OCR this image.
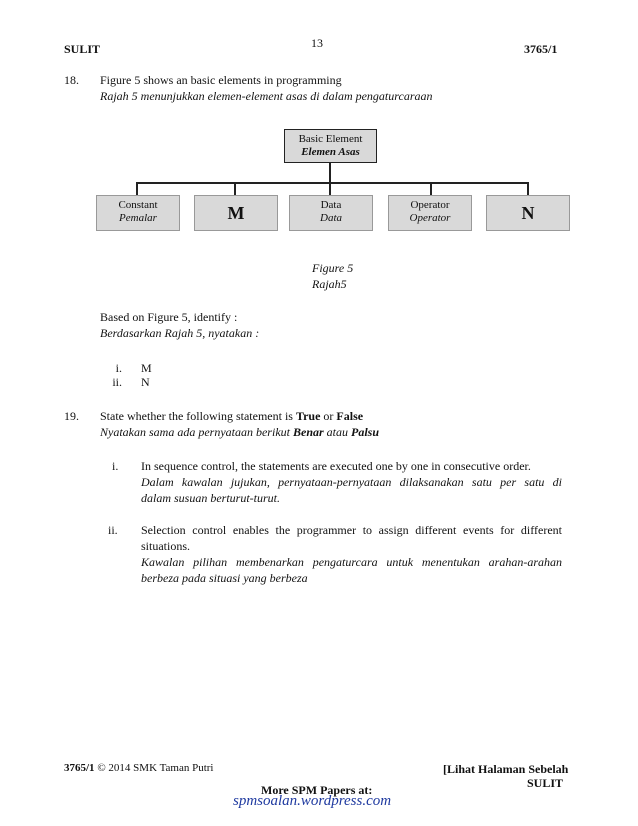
SULIT	13	3765/1
18. Figure 5 shows an basic elements in programming
Rajah 5 menunjukkan elemen-element asas di dalam pengaturcaraan
Basic Element
Elemen Asas
Constant
Pemalar	M	Data
Data
Operator
Operator	N
Figure 5
Rajah5
Based on Figure 5, identify :
Berdasarkan Rajah 5, nyatakan :
i. M
ii. N
19. State whether the following statement is True or False
Nyatakan sama ada pernyataan berikut Benar atau Palsu
i. In sequence control, the statements are executed one by one in consecutive order.
Dalam kawalan jujukan, pernyataan-pernyataan dilaksanakan satu per satu di
dalam susuan berturut-turut.
ii. Selection control enables the programmer to assign different events for different
situations.
Kawalan pilihan membenarkan pengaturcara untuk menentukan arahan-arahan
berbeza pada situasi yang berbeza
3765/1 © 2014 SMK Taman Putri	[Lihat Halaman Sebelah
SULIT
More SPM Papers at:
spmsoalan.wordpress.com
